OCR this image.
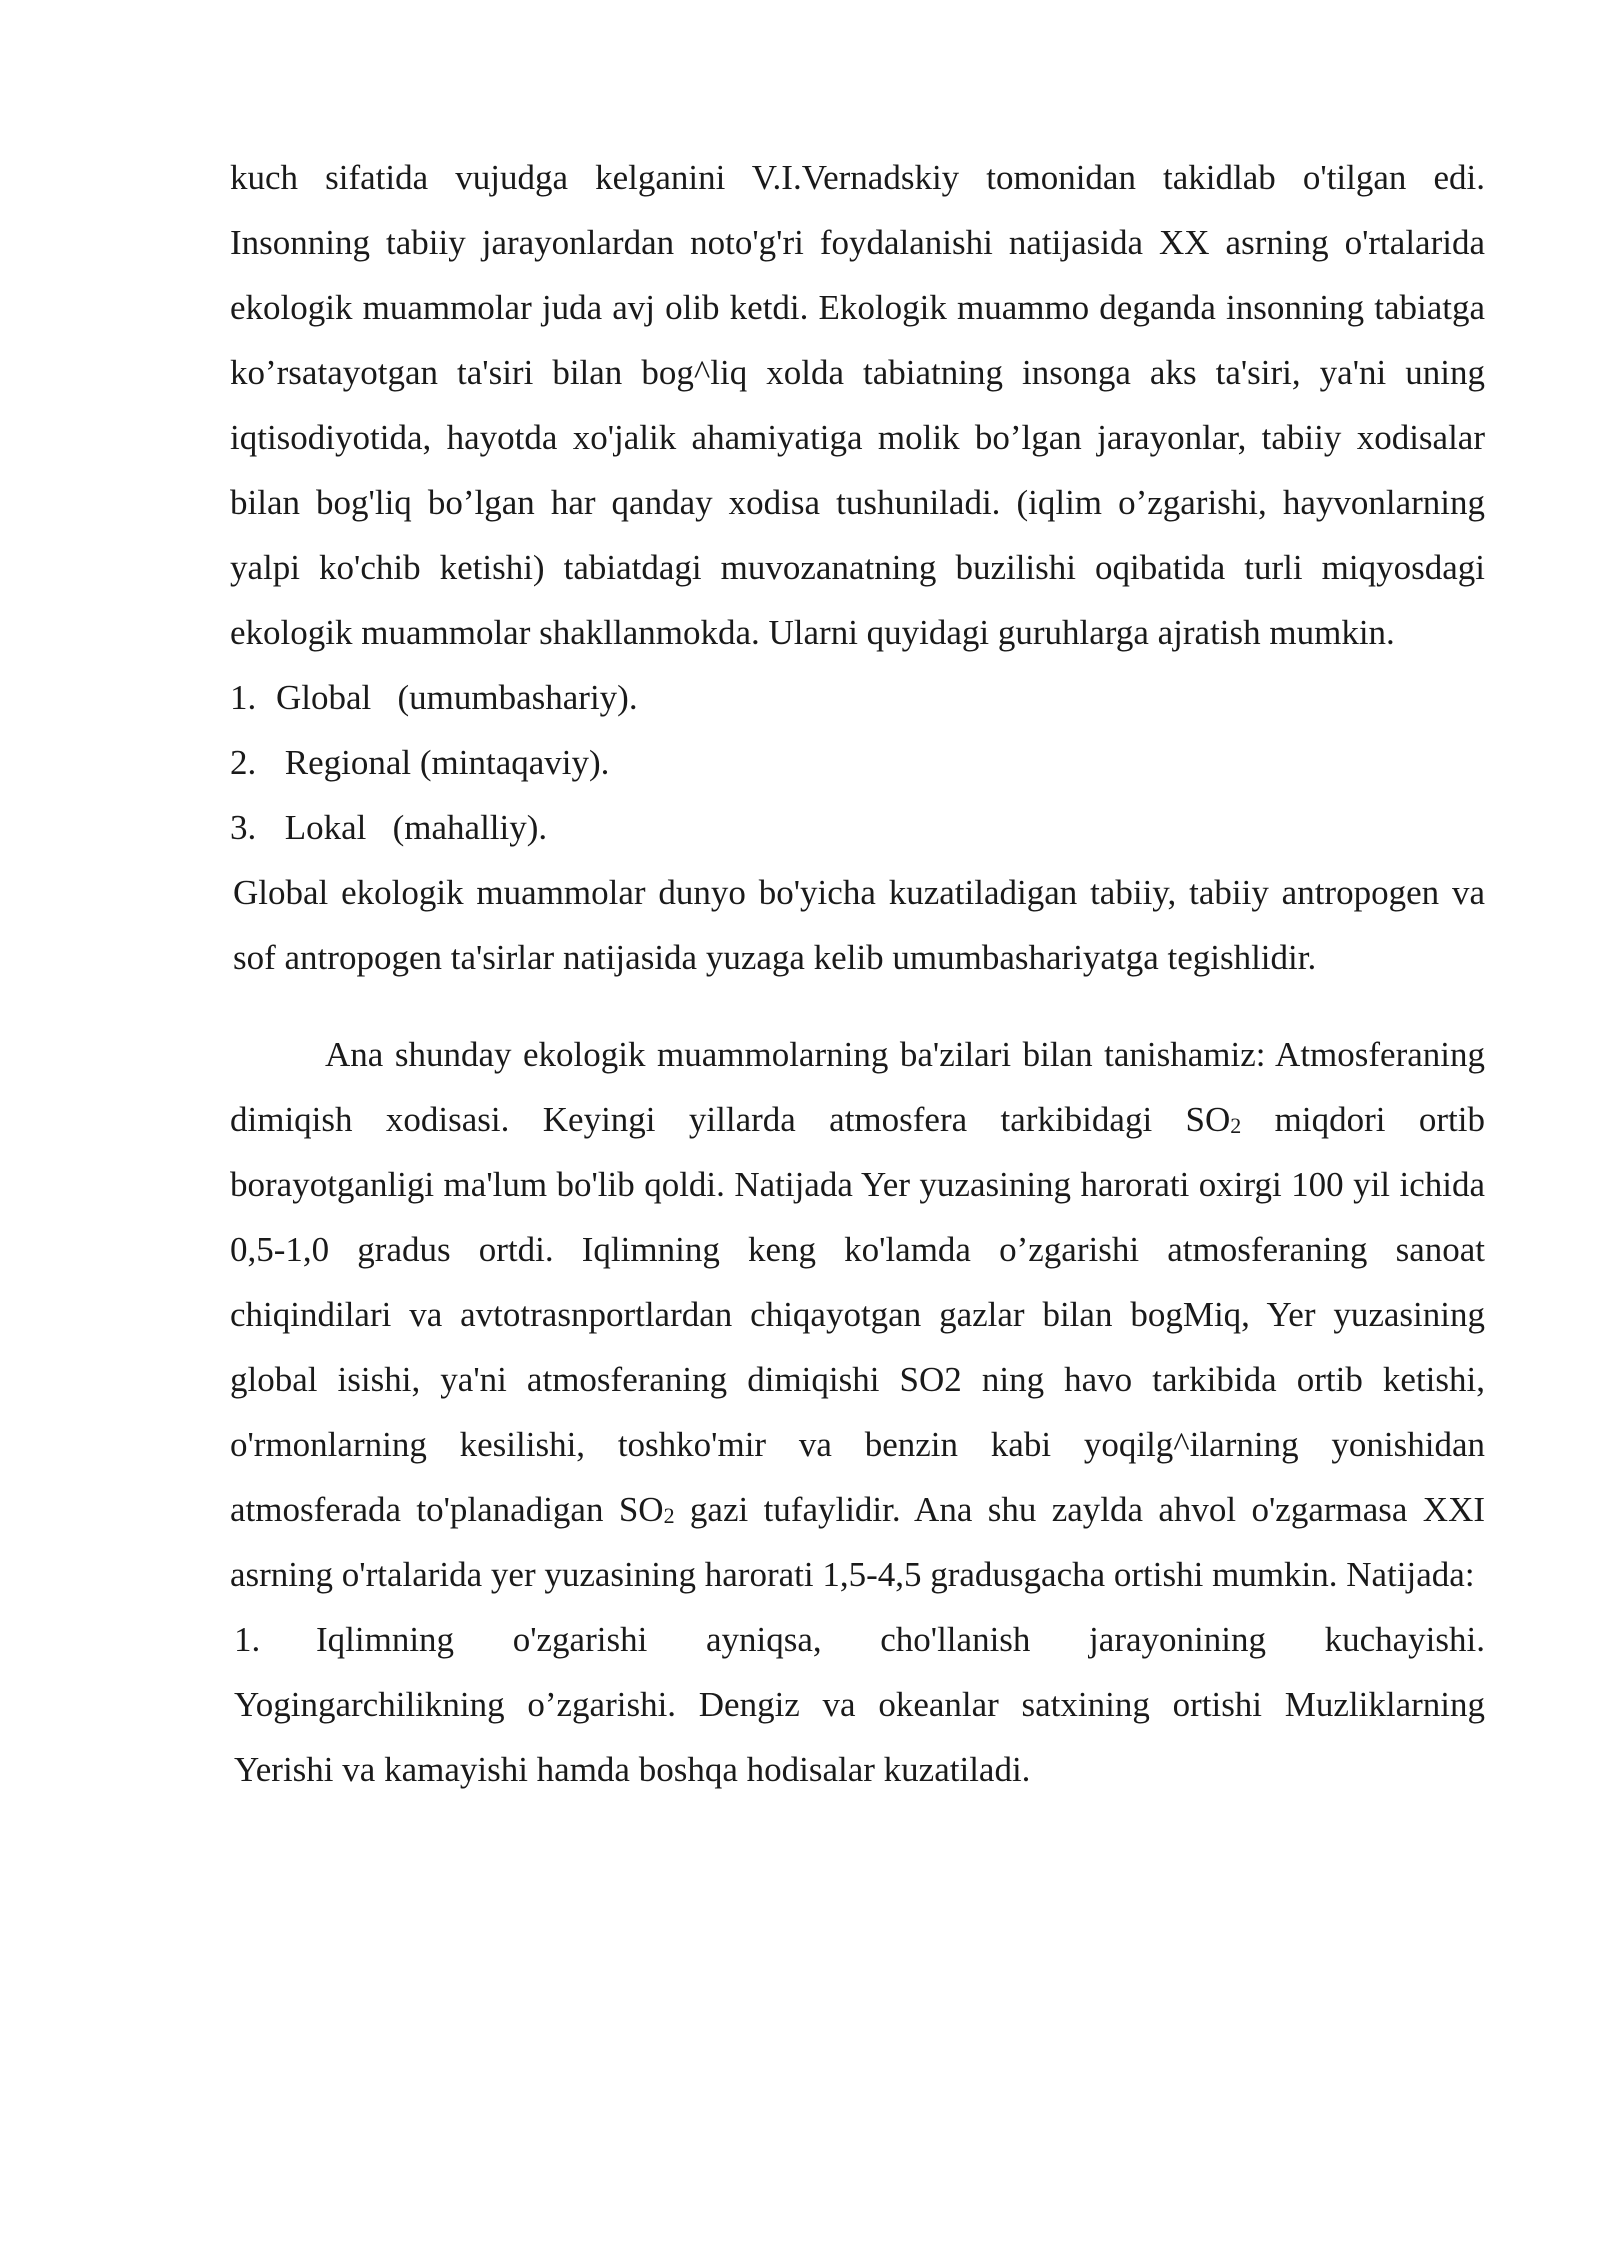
kuch sifatida vujudga kelganini V.I.Vernadskiy tomonidan takidlab o'tilgan edi. Insonning tabiiy jarayonlardan noto'g'ri foydalanishi natijasida XX asrning o'rtalarida ekologik muammolar juda avj olib ketdi. Ekologik muammo deganda insonning tabiatga ko’rsatayotgan ta'siri bilan bog^liq xolda tabiatning insonga aks ta'siri, ya'ni uning iqtisodiyotida, hayotda xo'jalik ahamiyatiga molik bo’lgan jarayonlar, tabiiy xodisalar bilan bog'liq bo’lgan har qanday xodisa tushuniladi. (iqlim o’zgarishi, hayvonlarning yalpi ko'chib ketishi) tabiatdagi muvozanatning buzilishi oqibatida turli miqyosdagi ekologik muammolar shakllanmokda. Ularni quyidagi guruhlarga ajratish mumkin.

1. Global   (umumbashariy).

2. Regional (mintaqaviy).

3. Lokal   (mahalliy).

Global ekologik muammolar dunyo bo'yicha kuzatiladigan tabiiy, tabiiy antropogen va sof antropogen ta'sirlar natijasida yuzaga kelib umumbashariyatga tegishlidir.

Ana shunday ekologik muammolarning ba'zilari bilan tanishamiz: Atmosferaning dimiqish xodisasi. Keyingi yillarda atmosfera tarkibidagi $SO_2$ miqdori ortib borayotganligi ma'lum bo'lib qoldi. Natijada Yer yuzasining harorati oxirgi 100 yil ichida 0,5-1,0 gradus ortdi. Iqlimning keng ko'lamda o’zgarishi atmosferaning sanoat chiqindilari va avtotrasnportlardan chiqayotgan gazlar bilan bogMiq, Yer yuzasining global isishi, ya'ni atmosferaning dimiqishi SO2 ning havo tarkibida ortib ketishi, o'rmonlarning kesilishi, toshko'mir va benzin kabi yoqilg^ilarning yonishidan atmosferada to'planadigan $SO_2$ gazi tufaylidir. Ana shu zaylda ahvol o'zgarmasa XXI asrning o'rtalarida yer yuzasining harorati 1,5-4,5 gradusgacha ortishi mumkin. Natijada:

1. Iqlimning o'zgarishi ayniqsa, cho'llanish jarayonining kuchayishi. Yogingarchilikning o’zgarishi. Dengiz va okeanlar satxining ortishi Muzliklarning Yerishi va kamayishi hamda boshqa hodisalar kuzatiladi.
